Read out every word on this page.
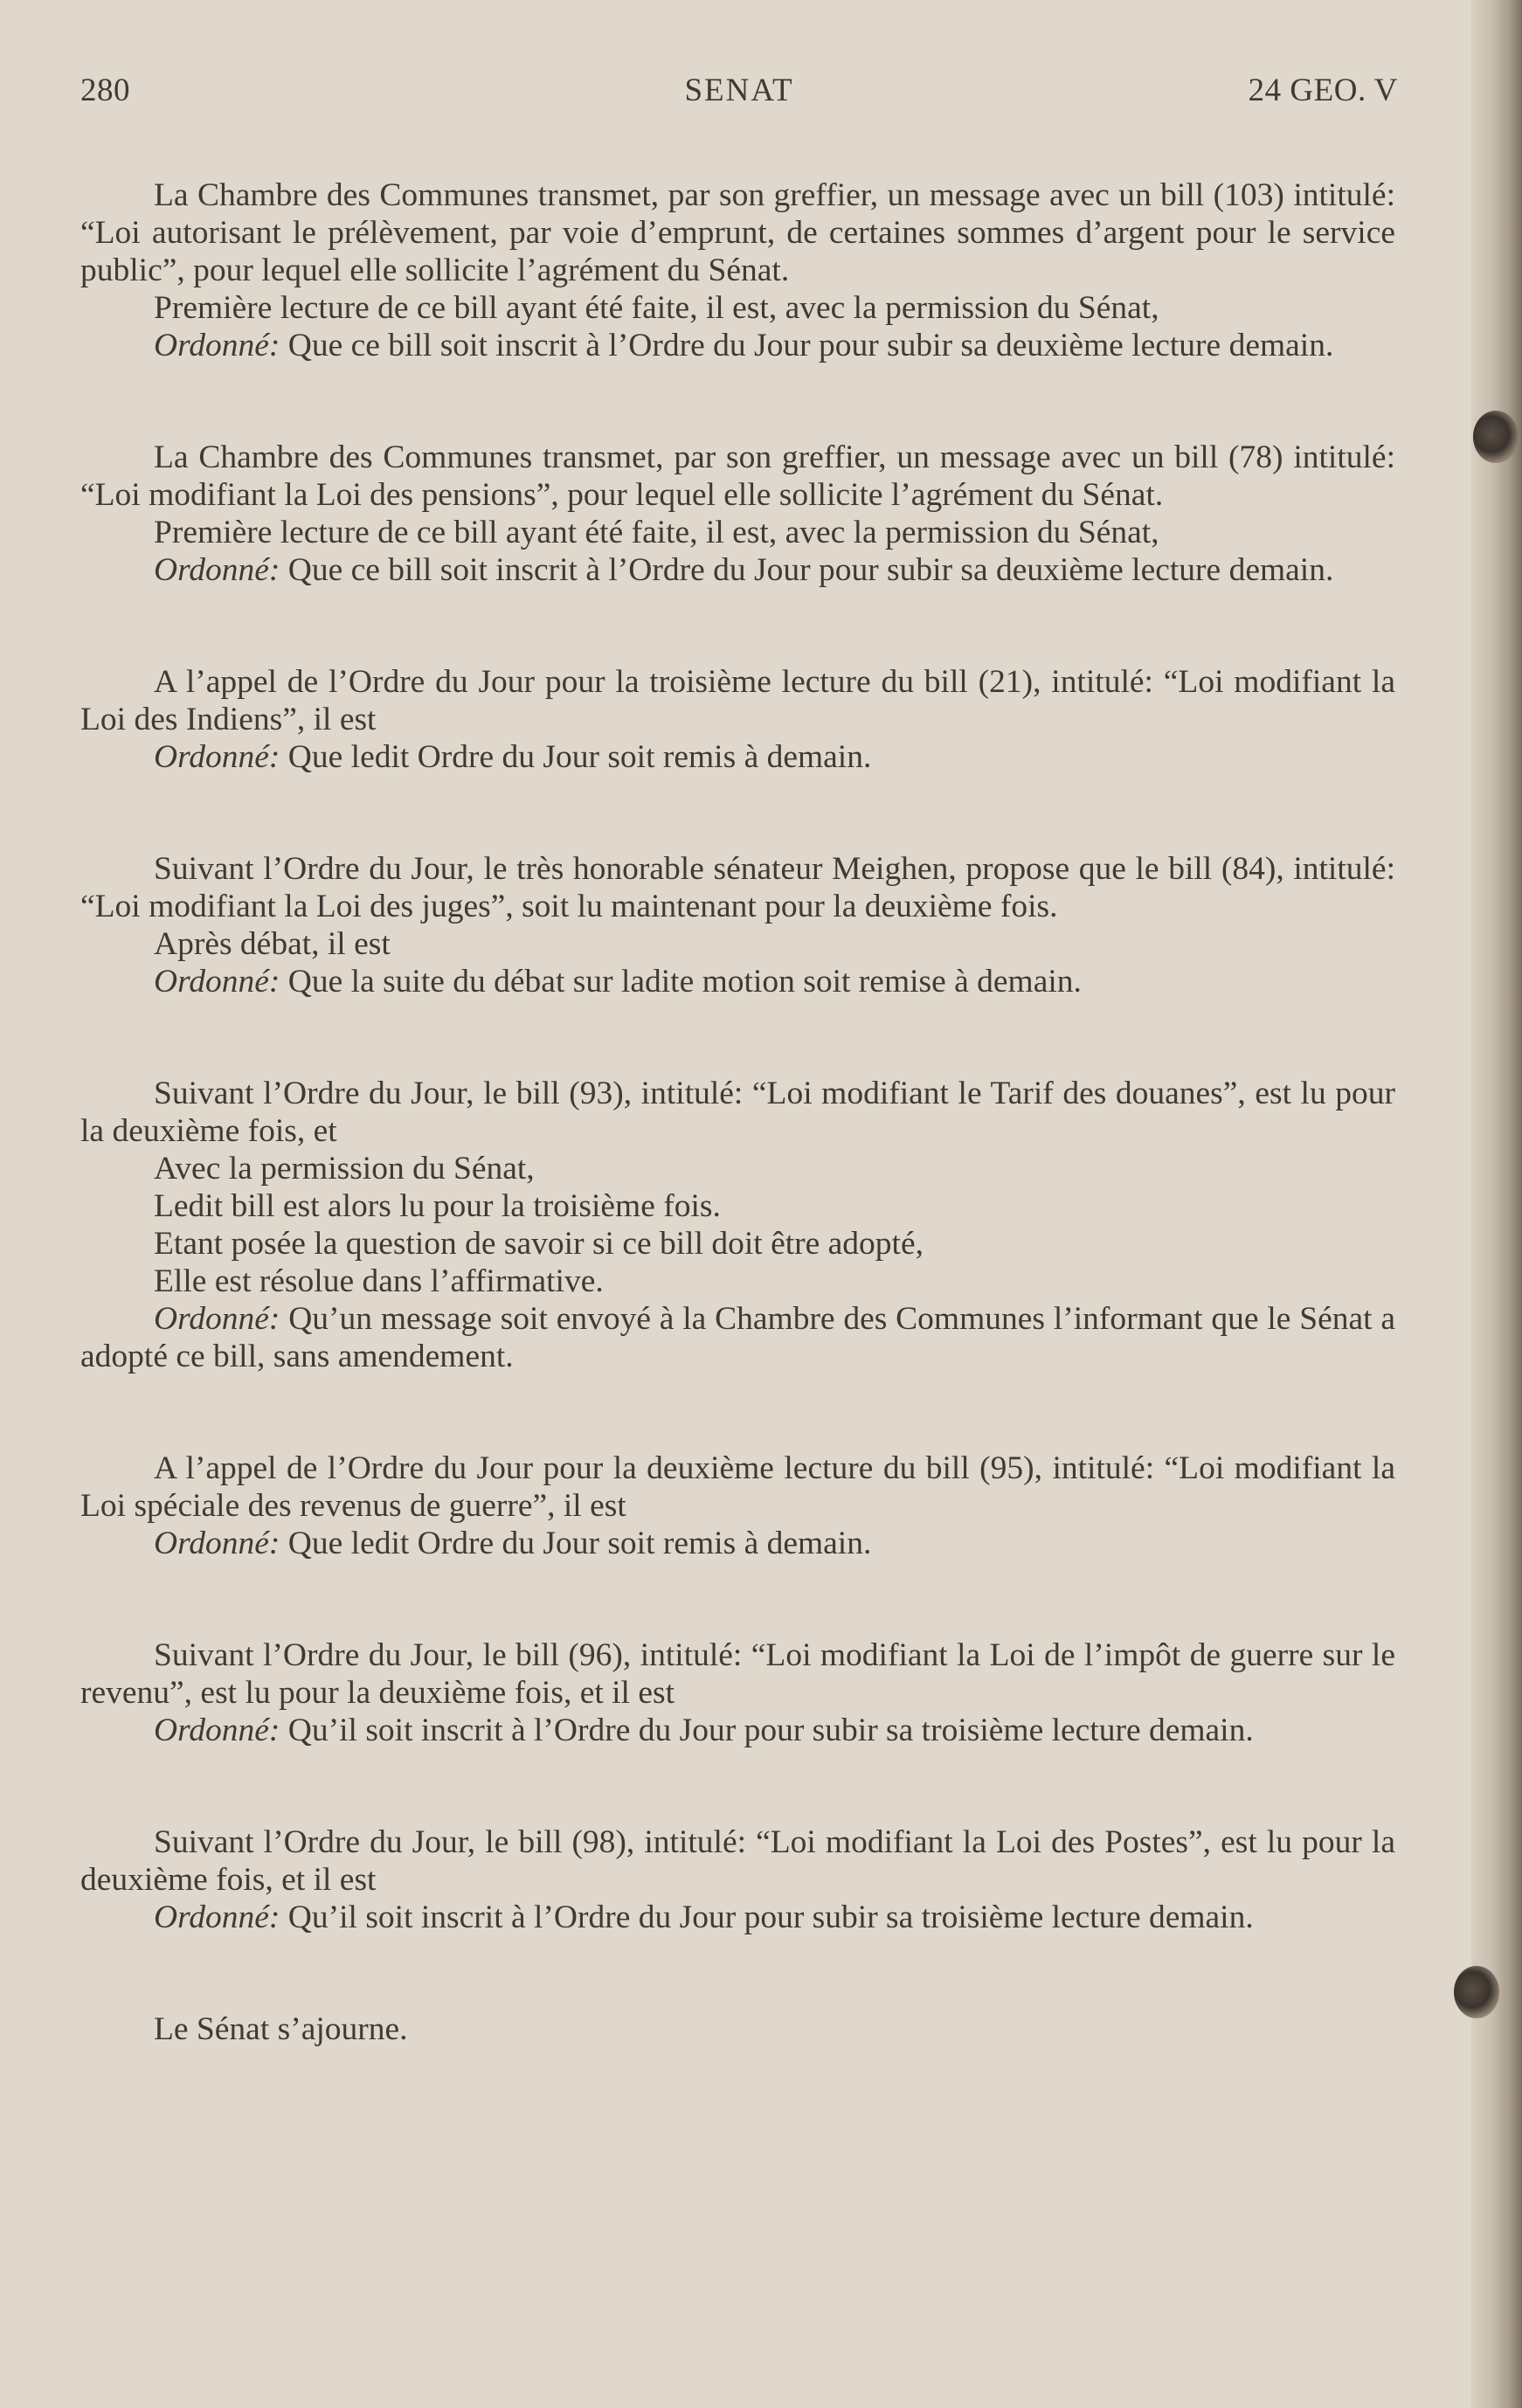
280	SENAT	24 GEO. V

La Chambre des Communes transmet, par son greffier, un message avec un bill (103) intitulé: “Loi autorisant le prélèvement, par voie d’emprunt, de certaines sommes d’argent pour le service public”, pour lequel elle sollicite l’agrément du Sénat.

Première lecture de ce bill ayant été faite, il est, avec la permission du Sénat,

Ordonné: Que ce bill soit inscrit à l’Ordre du Jour pour subir sa deuxième lecture demain.

La Chambre des Communes transmet, par son greffier, un message avec un bill (78) intitulé: “Loi modifiant la Loi des pensions”, pour lequel elle sollicite l’agrément du Sénat.

Première lecture de ce bill ayant été faite, il est, avec la permission du Sénat,

Ordonné: Que ce bill soit inscrit à l’Ordre du Jour pour subir sa deuxième lecture demain.

A l’appel de l’Ordre du Jour pour la troisième lecture du bill (21), intitulé: “Loi modifiant la Loi des Indiens”, il est

Ordonné: Que ledit Ordre du Jour soit remis à demain.

Suivant l’Ordre du Jour, le très honorable sénateur Meighen, propose que le bill (84), intitulé: “Loi modifiant la Loi des juges”, soit lu maintenant pour la deuxième fois.

Après débat, il est

Ordonné: Que la suite du débat sur ladite motion soit remise à demain.

Suivant l’Ordre du Jour, le bill (93), intitulé: “Loi modifiant le Tarif des douanes”, est lu pour la deuxième fois, et

Avec la permission du Sénat,

Ledit bill est alors lu pour la troisième fois.

Etant posée la question de savoir si ce bill doit être adopté,

Elle est résolue dans l’affirmative.

Ordonné: Qu’un message soit envoyé à la Chambre des Communes l’informant que le Sénat a adopté ce bill, sans amendement.

A l’appel de l’Ordre du Jour pour la deuxième lecture du bill (95), intitulé: “Loi modifiant la Loi spéciale des revenus de guerre”, il est

Ordonné: Que ledit Ordre du Jour soit remis à demain.

Suivant l’Ordre du Jour, le bill (96), intitulé: “Loi modifiant la Loi de l’impôt de guerre sur le revenu”, est lu pour la deuxième fois, et il est

Ordonné: Qu’il soit inscrit à l’Ordre du Jour pour subir sa troisième lecture demain.

Suivant l’Ordre du Jour, le bill (98), intitulé: “Loi modifiant la Loi des Postes”, est lu pour la deuxième fois, et il est

Ordonné: Qu’il soit inscrit à l’Ordre du Jour pour subir sa troisième lecture demain.

Le Sénat s’ajourne.
